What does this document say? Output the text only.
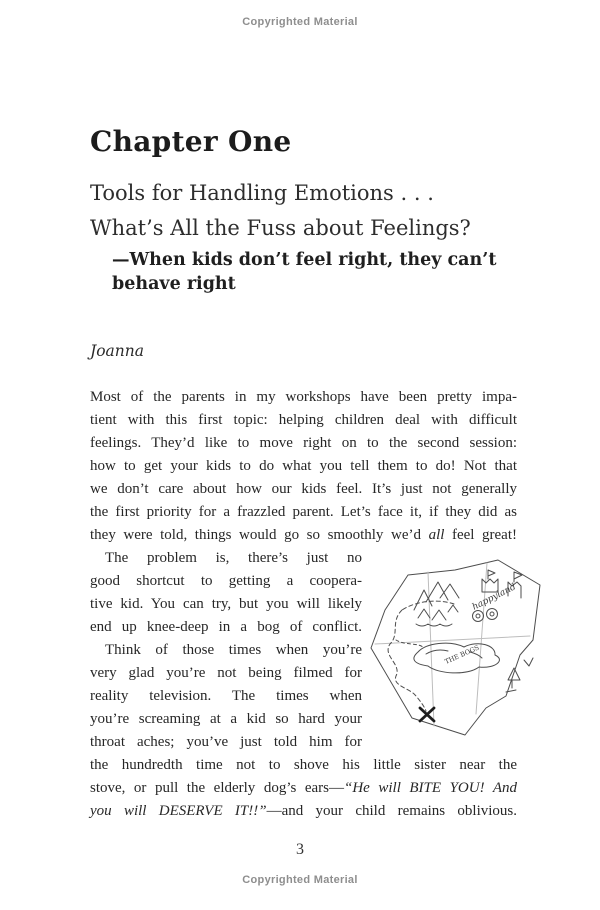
Copyrighted Material
Chapter One
Tools for Handling Emotions . . .
What’s All the Fuss about Feelings?
—When kids don’t feel right, they can’t
behave right
Joanna
Most of the parents in my workshops have been pretty impa-
tient with this first topic: helping children deal with difficult
feelings. They’d like to move right on to the second session:
how to get your kids to do what you tell them to do! Not that
we don’t care about how our kids feel. It’s just not generally
the first priority for a frazzled parent. Let’s face it, if they did as
they were told, things would go so smoothly we’d all feel great!
The problem is, there’s just no
good shortcut to getting a coopera-
tive kid. You can try, but you will likely
end up knee-deep in a bog of conflict.
Think of those times when you’re
very glad you’re not being filmed for
reality television. The times when
you’re screaming at a kid so hard your
throat aches; you’ve just told him for
the hundredth time not to shove his little sister near the
stove, or pull the elderly dog’s ears—“He will BITE YOU! And
you will DESERVE IT!!”—and your child remains oblivious.
happyland
THE BOGS
3
Copyrighted Material
